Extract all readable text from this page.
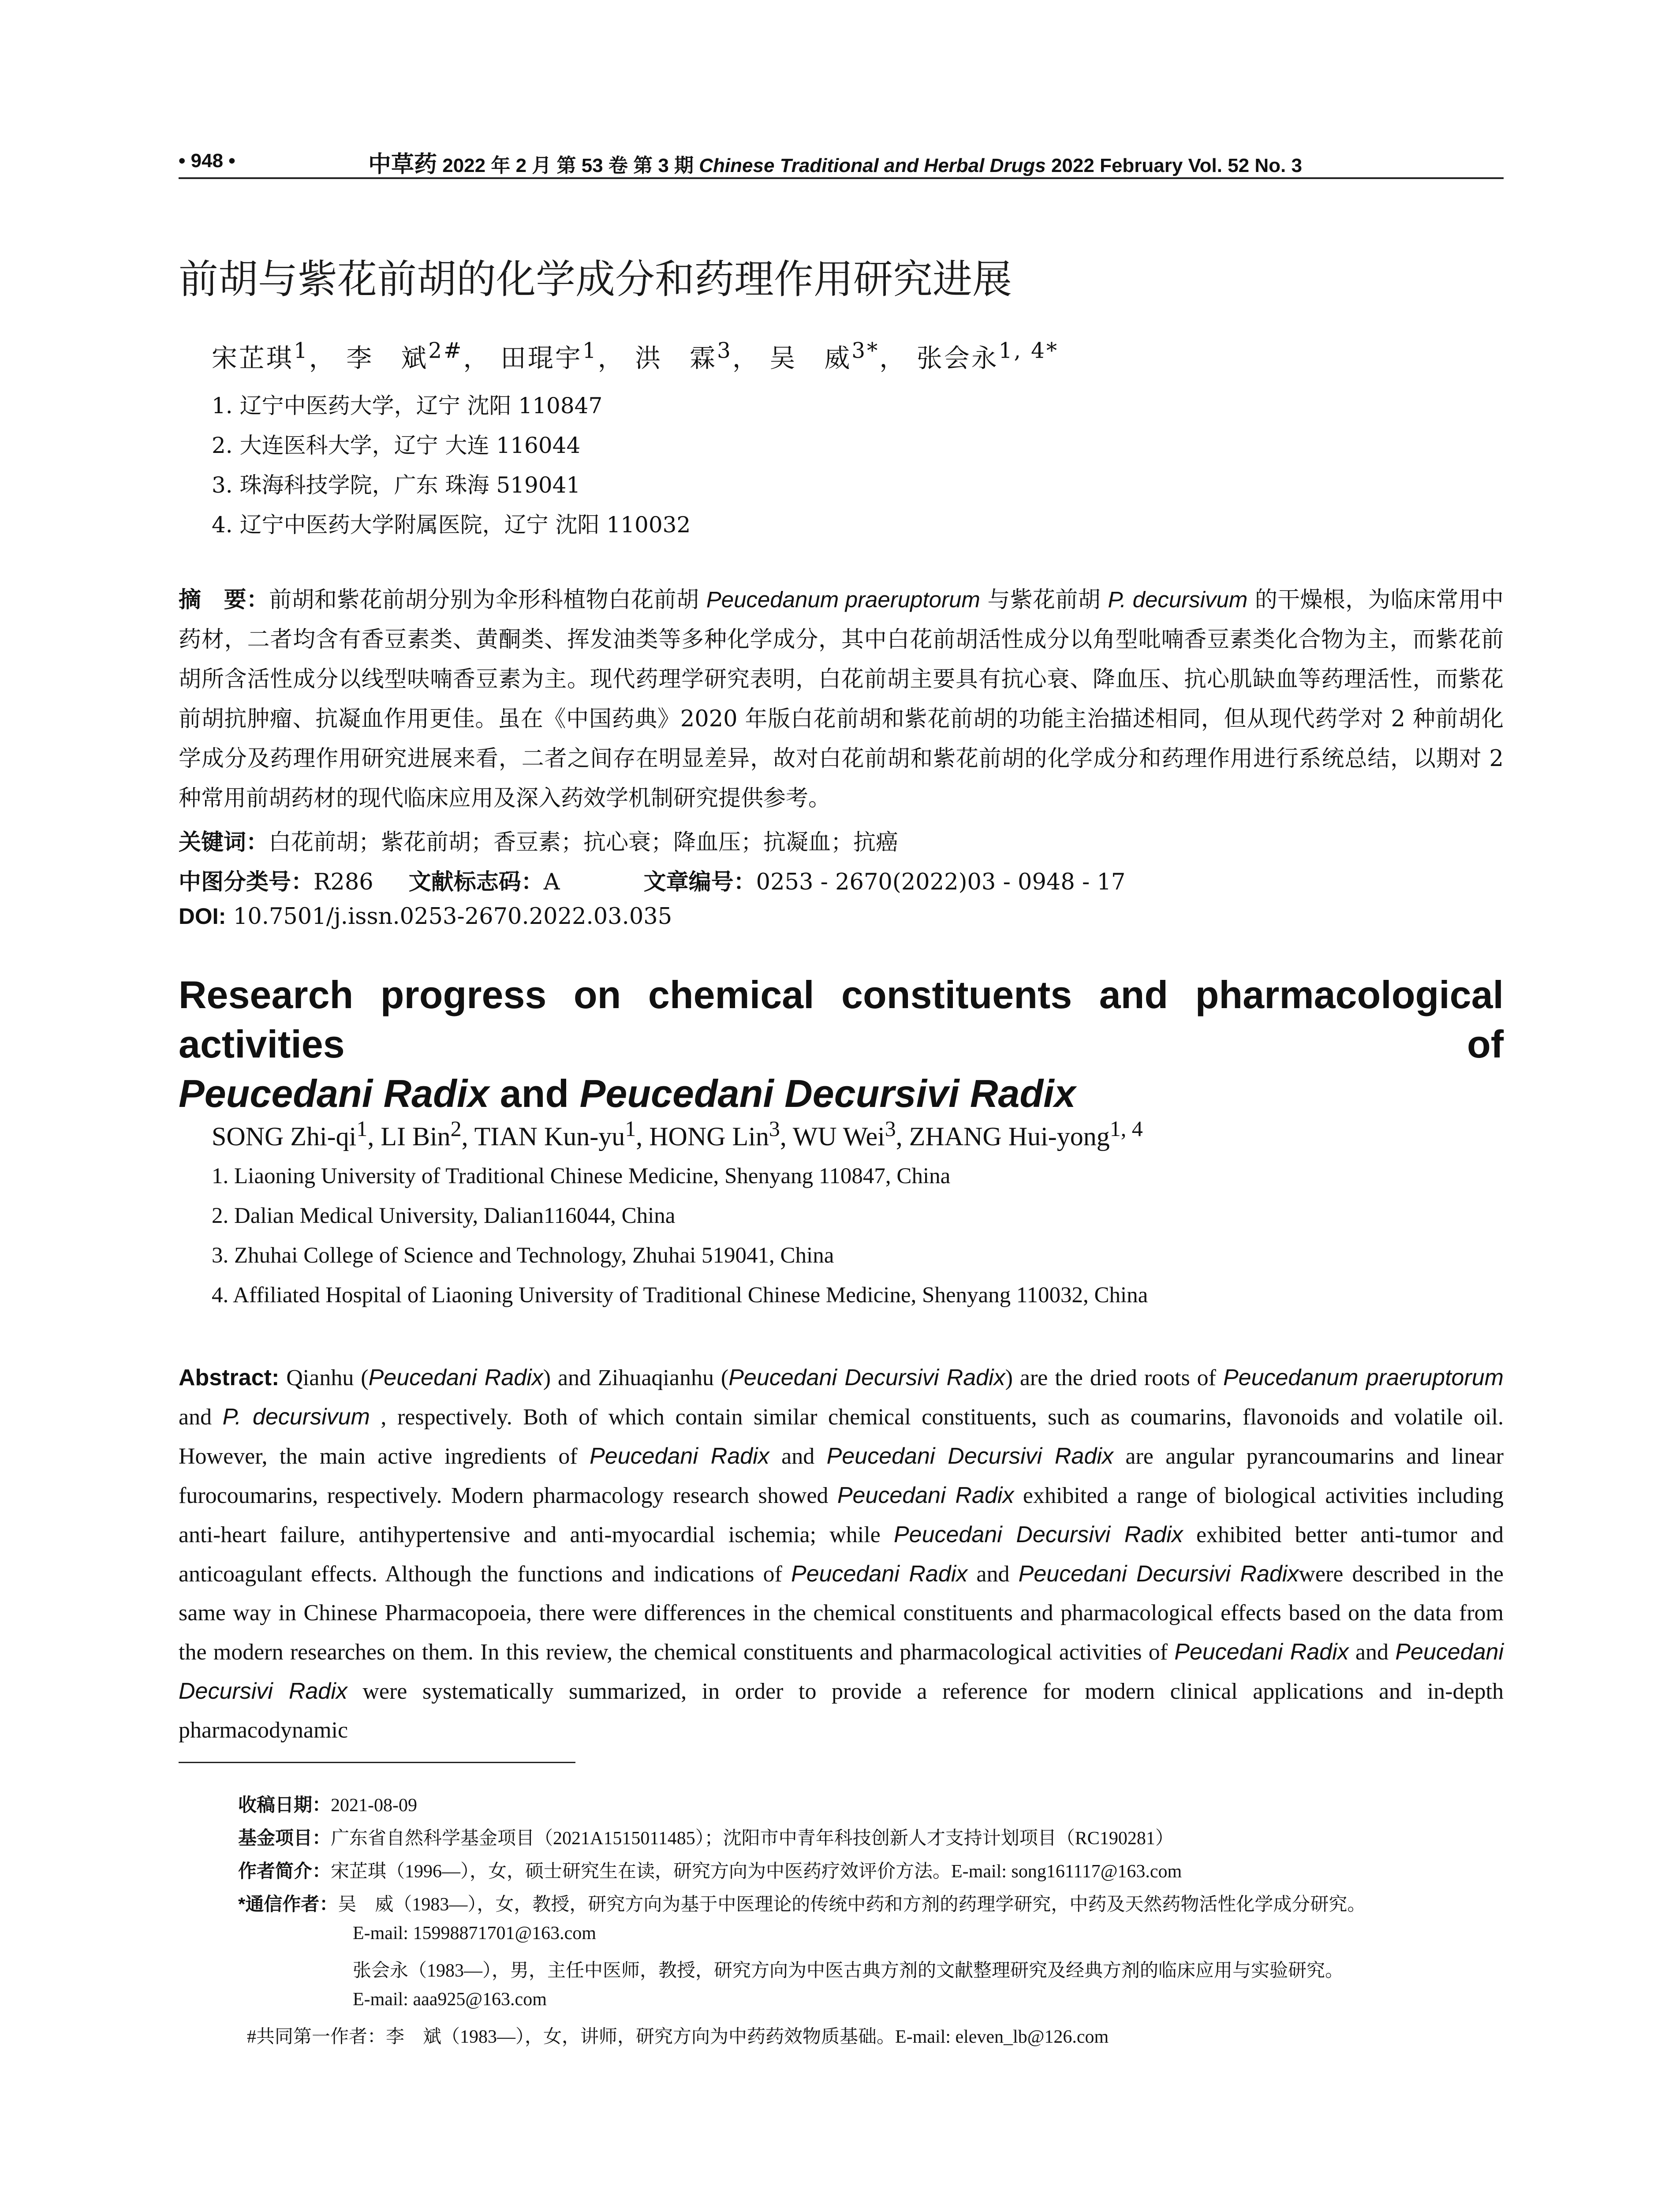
• 948 •	中草药 2022 年 2 月 第 53 卷 第 3 期 Chinese Traditional and Herbal Drugs 2022 February Vol. 52 No. 3
前胡与紫花前胡的化学成分和药理作用研究进展
宋芷琪$^1$， 李　斌$^{2\#}$， 田琨宇$^1$， 洪　霖$^3$， 吴　威$^{3*}$， 张会永$^{1, 4*}$
1. 辽宁中医药大学，辽宁 沈阳 110847
2. 大连医科大学，辽宁 大连 116044
3. 珠海科技学院，广东 珠海 519041
4. 辽宁中医药大学附属医院，辽宁 沈阳 110032
摘　要：前胡和紫花前胡分别为伞形科植物白花前胡 Peucedanum praeruptorum 与紫花前胡 P. decursivum 的干燥根，为临床常用中药材，二者均含有香豆素类、黄酮类、挥发油类等多种化学成分，其中白花前胡活性成分以角型吡喃香豆素类化合物为主，而紫花前胡所含活性成分以线型呋喃香豆素为主。现代药理学研究表明，白花前胡主要具有抗心衰、降血压、抗心肌缺血等药理活性，而紫花前胡抗肿瘤、抗凝血作用更佳。虽在《中国药典》2020 年版白花前胡和紫花前胡的功能主治描述相同，但从现代药学对 2 种前胡化学成分及药理作用研究进展来看，二者之间存在明显差异，故对白花前胡和紫花前胡的化学成分和药理作用进行系统总结，以期对 2 种常用前胡药材的现代临床应用及深入药效学机制研究提供参考。
关键词：白花前胡；紫花前胡；香豆素；抗心衰；降血压；抗凝血；抗癌
中图分类号：R286 文献标志码：A	文章编号：0253 - 2670(2022)03 - 0948 - 17
DOI: 10.7501/j.issn.0253-2670.2022.03.035
Research progress on chemical constituents and pharmacological activities of
Peucedani Radix and Peucedani Decursivi Radix
SONG Zhi-$qi^1$, LI Bin$^2$, TIAN Kun-$yu^1$, HONG Lin$^3$, WU Wei$^3$, ZHANG Hui-yong$^{1, 4}$
1. Liaoning University of Traditional Chinese Medicine, Shenyang 110847, China
2. Dalian Medical University, Dalian116044, China
3. Zhuhai College of Science and Technology, Zhuhai 519041, China
4. Affiliated Hospital of Liaoning University of Traditional Chinese Medicine, Shenyang 110032, China
Abstract: Qianhu (Peucedani Radix) and Zihuaqianhu (Peucedani Decursivi Radix) are the dried roots of Peucedanum praeruptorum and P. decursivum , respectively. Both of which contain similar chemical constituents, such as coumarins, flavonoids and volatile oil. However, the main active ingredients of Peucedani Radix and Peucedani Decursivi Radix are angular pyrancoumarins and linear furocoumarins, respectively. Modern pharmacology research showed Peucedani Radix exhibited a range of biological activities including anti-heart failure, antihypertensive and anti-myocardial ischemia; while Peucedani Decursivi Radix exhibited better anti-tumor and anticoagulant effects. Although the functions and indications of Peucedani Radix and Peucedani Decursivi Radixwere described in the same way in Chinese Pharmacopoeia, there were differences in the chemical constituents and pharmacological effects based on the data from the modern researches on them. In this review, the chemical constituents and pharmacological activities of Peucedani Radix and Peucedani Decursivi Radix were systematically summarized, in order to provide a reference for modern clinical applications and in-depth pharmacodynamic
收稿日期：2021-08-09
基金项目：广东省自然科学基金项目（2021A1515011485）；沈阳市中青年科技创新人才支持计划项目（RC190281）
作者简介：宋芷琪（1996—），女，硕士研究生在读，研究方向为中医药疗效评价方法。E-mail: song161117@163.com
*通信作者：吴　威（1983—），女，教授，研究方向为基于中医理论的传统中药和方剂的药理学研究，中药及天然药物活性化学成分研究。
E-mail: 15998871701@163.com
张会永（1983—），男，主任中医师，教授，研究方向为中医古典方剂的文献整理研究及经典方剂的临床应用与实验研究。
E-mail: aaa925@163.com
#共同第一作者：李　斌（1983—），女，讲师，研究方向为中药药效物质基础。E-mail: eleven_lb@126.com
